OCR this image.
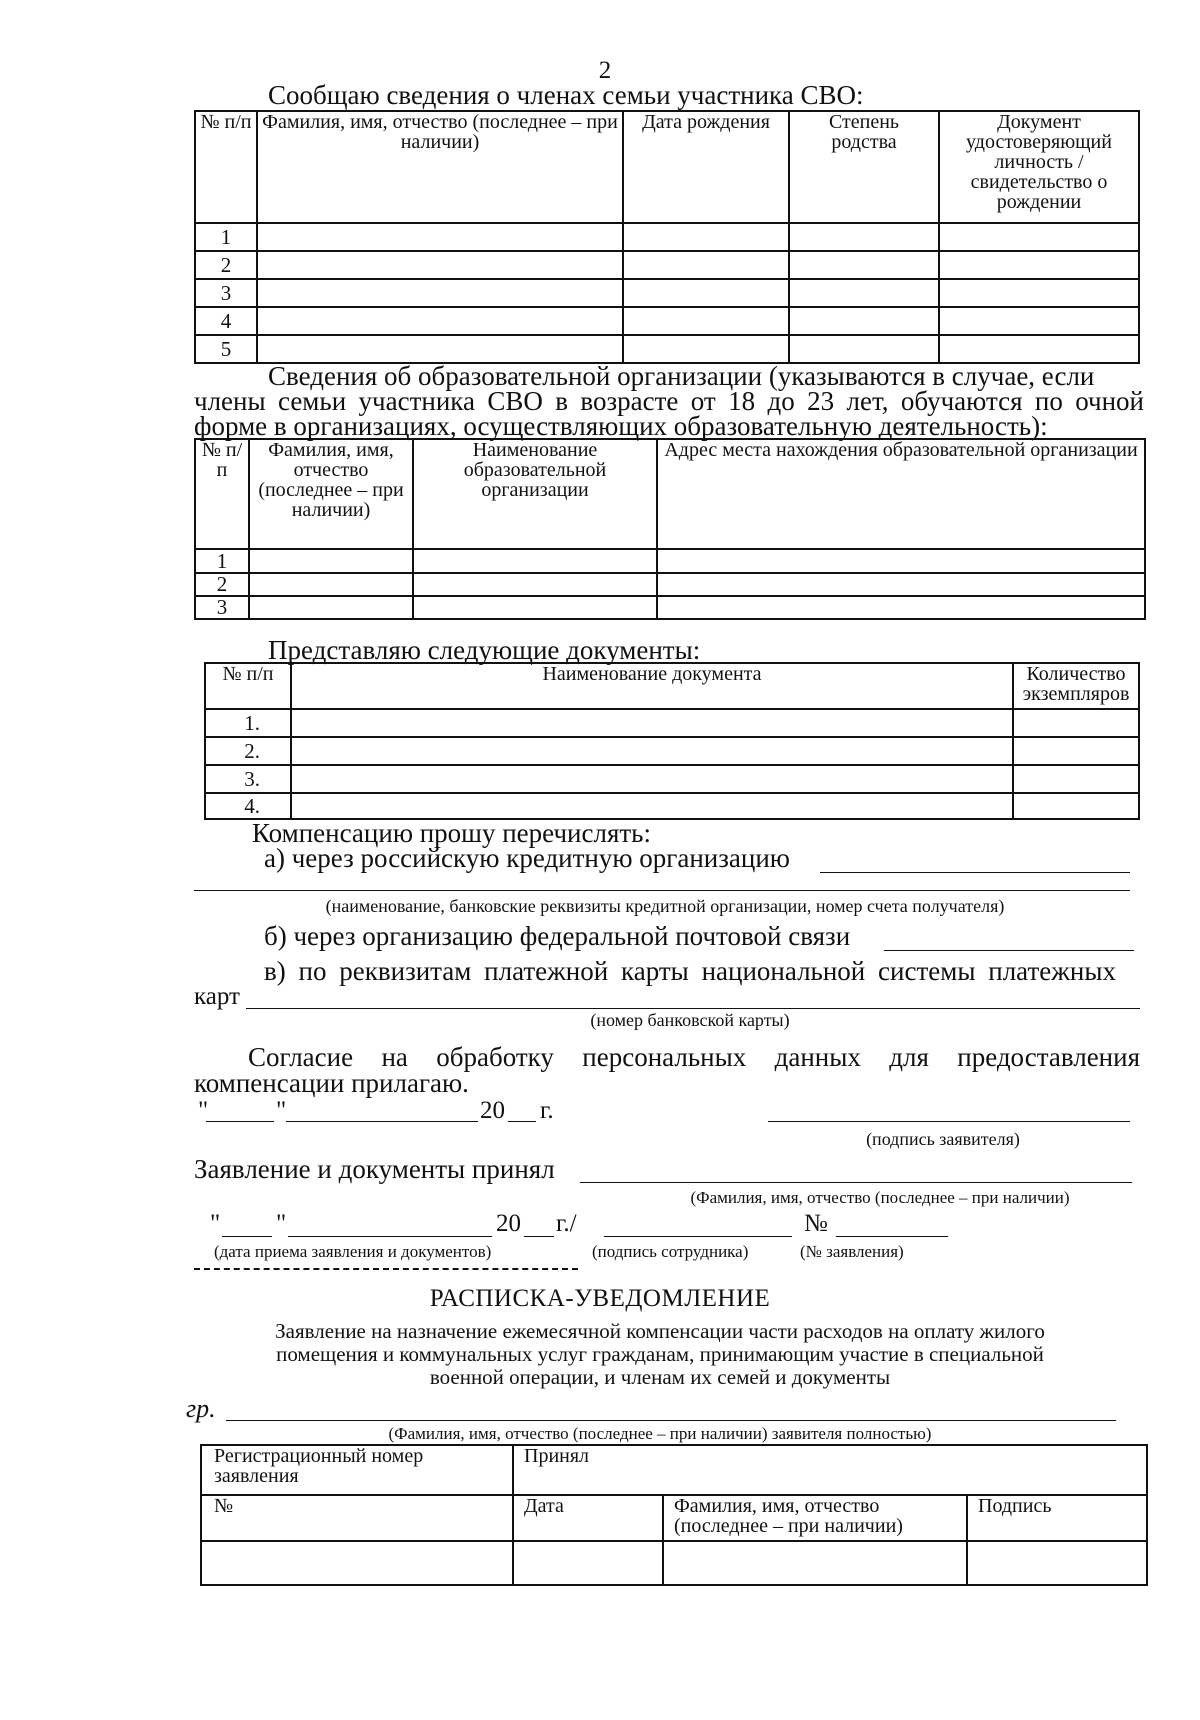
2
Сообщаю сведения о членах семьи участника СВО:
№ п/п	Фамилия, имя, отчество (последнее – при наличии)	Дата рождения	Степень родства	Документ удостоверяющий личность /свидетельство о рождении
1				
2				
3				
4				
5				
Сведения об образовательной организации (указываются в случае, если
члены семьи участника СВО в возрасте от 18 до 23 лет, обучаются по очной
форме в организациях, осуществляющих образовательную деятельность):
№ п/п	Фамилия, имя, отчество (последнее – при наличии)	Наименование образовательной организации	Адрес места нахождения образовательной организации
1			
2			
3			
Представляю следующие документы:
№ п/п	Наименование документа	Количество экземпляров
1.		
2.		
3.		
4.		
Компенсацию прошу перечислять:
а) через российскую кредитную организацию
(наименование, банковские реквизиты кредитной организации, номер счета получателя)
б) через организацию федеральной почтовой связи
в) по реквизитам платежной карты национальной системы платежных
карт
(номер банковской карты)
Согласие на обработку персональных данных для предоставления
компенсации прилагаю.
"	"	20 г.
(подпись заявителя)
Заявление и документы принял
(Фамилия, имя, отчество (последнее – при наличии)
" "	20 г./	№
(дата приема заявления и документов)	(подпись сотрудника)	(№ заявления)
РАСПИСКА-УВЕДОМЛЕНИЕ
Заявление на назначение ежемесячной компенсации части расходов на оплату жилого
помещения и коммунальных услуг гражданам, принимающим участие в специальной
военной операции, и членам их семей и документы
гр.
(Фамилия, имя, отчество (последнее – при наличии) заявителя полностью)
Регистрационный номер заявления	Принял		
№	Дата	Фамилия, имя, отчество (последнее – при наличии)	Подпись
